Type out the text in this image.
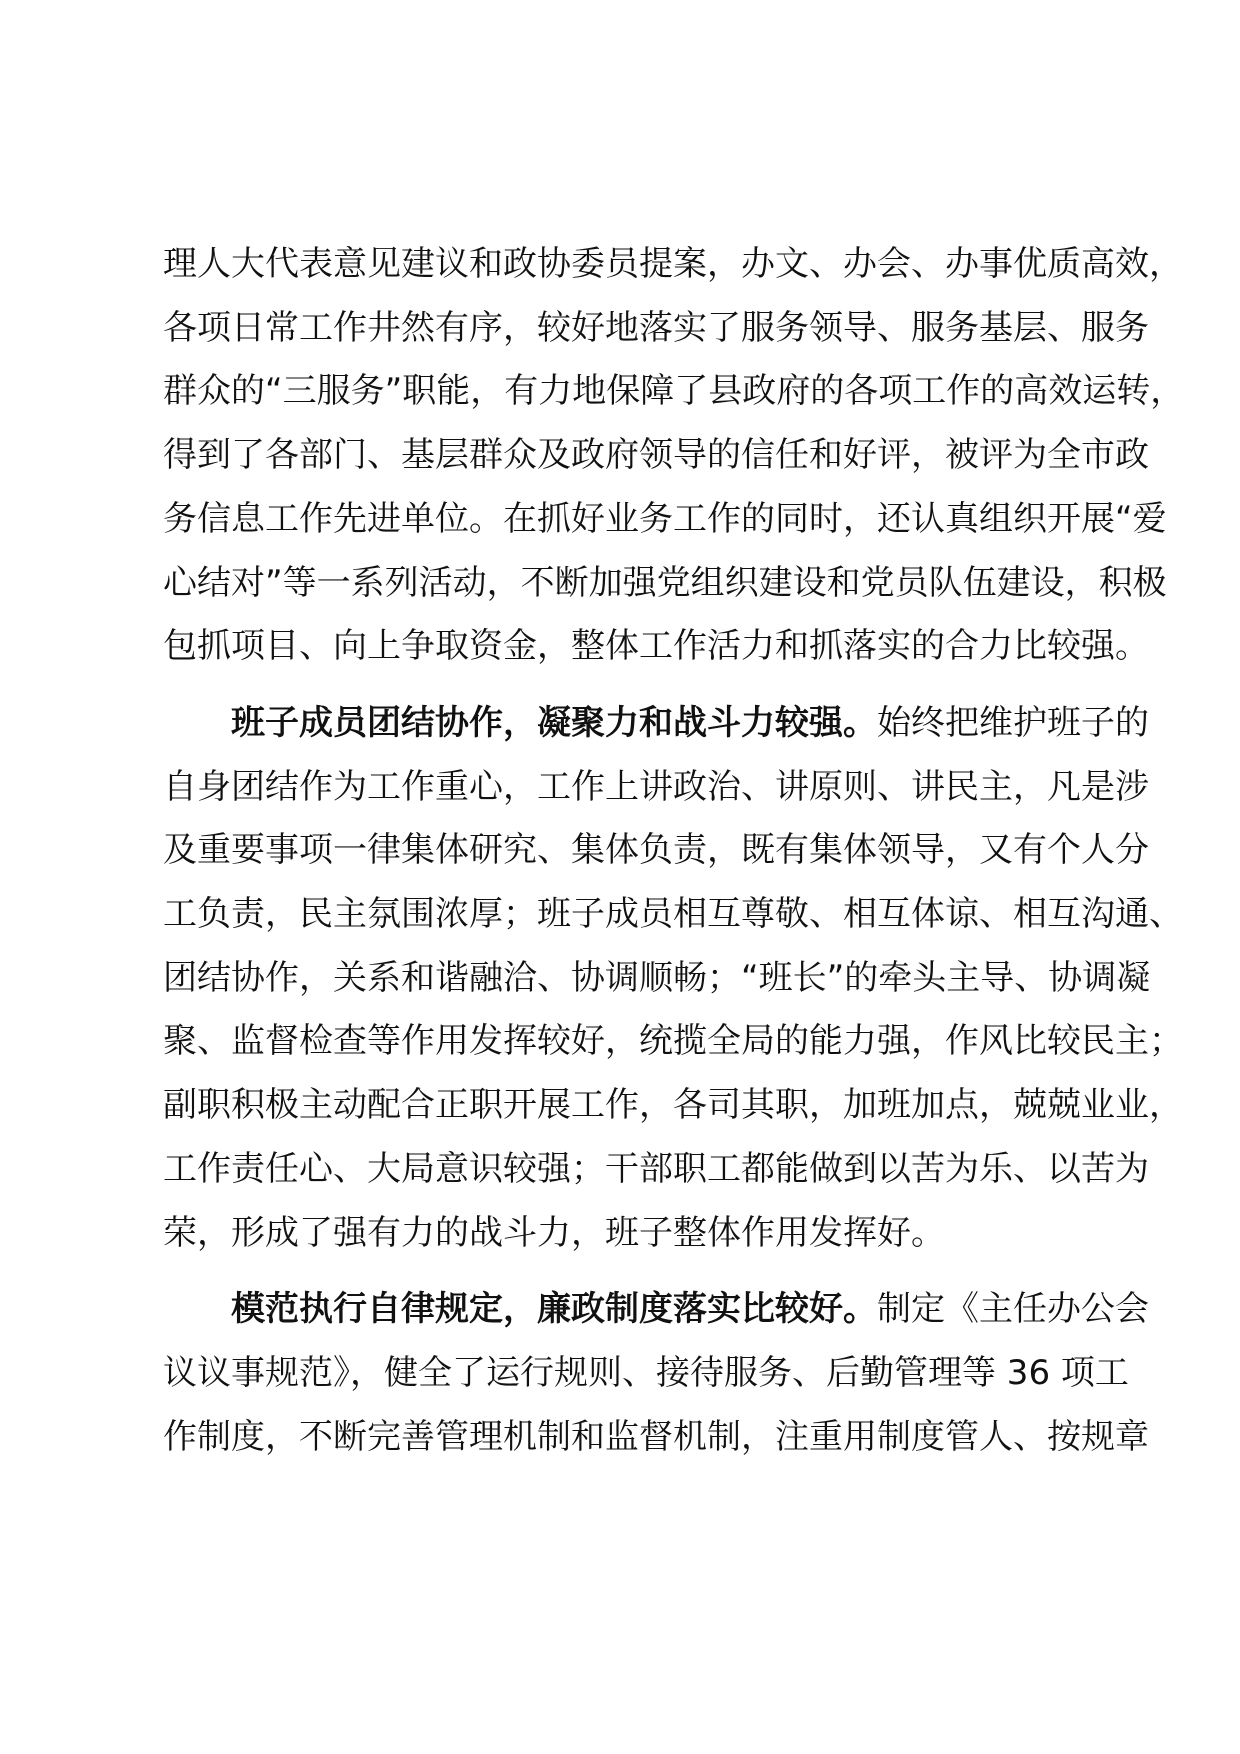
理人大代表意见建议和政协委员提案，办文、办会、办事优质高效，
各项日常工作井然有序，较好地落实了服务领导、服务基层、服务
群众的“三服务”职能，有力地保障了县政府的各项工作的高效运转，
得到了各部门、基层群众及政府领导的信任和好评，被评为全市政
务信息工作先进单位。在抓好业务工作的同时，还认真组织开展“爱
心结对”等一系列活动，不断加强党组织建设和党员队伍建设，积极
包抓项目、向上争取资金，整体工作活力和抓落实的合力比较强。
班子成员团结协作，凝聚力和战斗力较强。始终把维护班子的
自身团结作为工作重心，工作上讲政治、讲原则、讲民主，凡是涉
及重要事项一律集体研究、集体负责，既有集体领导，又有个人分
工负责，民主氛围浓厚；班子成员相互尊敬、相互体谅、相互沟通、
团结协作，关系和谐融洽、协调顺畅；“班长”的牵头主导、协调凝
聚、监督检查等作用发挥较好，统揽全局的能力强，作风比较民主；
副职积极主动配合正职开展工作，各司其职，加班加点，兢兢业业，
工作责任心、大局意识较强；干部职工都能做到以苦为乐、以苦为
荣，形成了强有力的战斗力，班子整体作用发挥好。
模范执行自律规定，廉政制度落实比较好。制定《主任办公会
议议事规范》，健全了运行规则、接待服务、后勤管理等 36 项工
作制度，不断完善管理机制和监督机制，注重用制度管人、按规章
